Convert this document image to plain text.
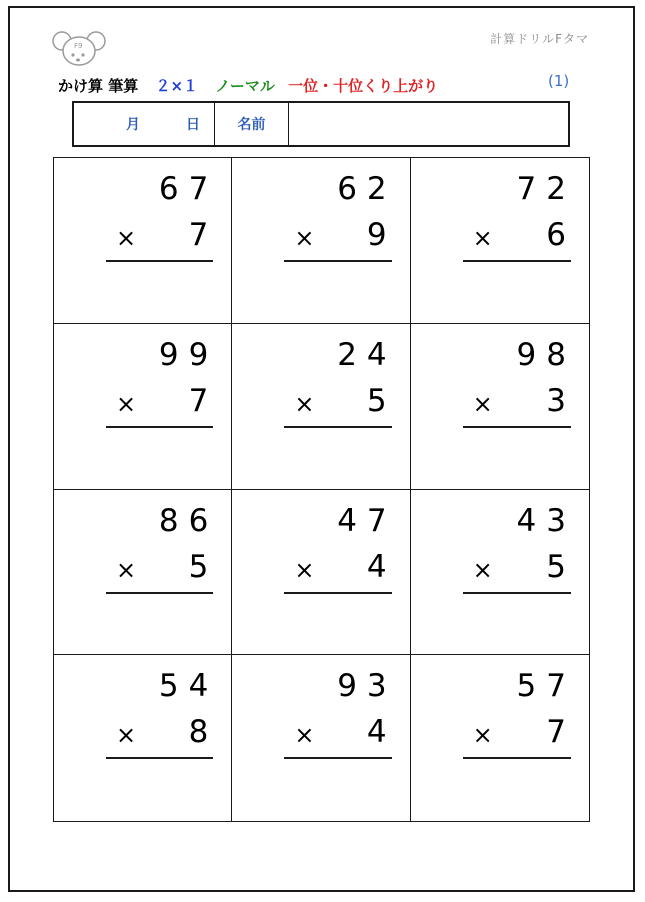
F9	計算ドリルFタマ
かけ算 筆算 ２×１ ノーマル 一位・十位くり上がり	(1)
月	日	名前
67
× 7
62
× 9
72
× 6
99
× 7
24
× 5
98
× 3
86
× 5
47
× 4
43
× 5
54
× 8
93
× 4
57
× 7
